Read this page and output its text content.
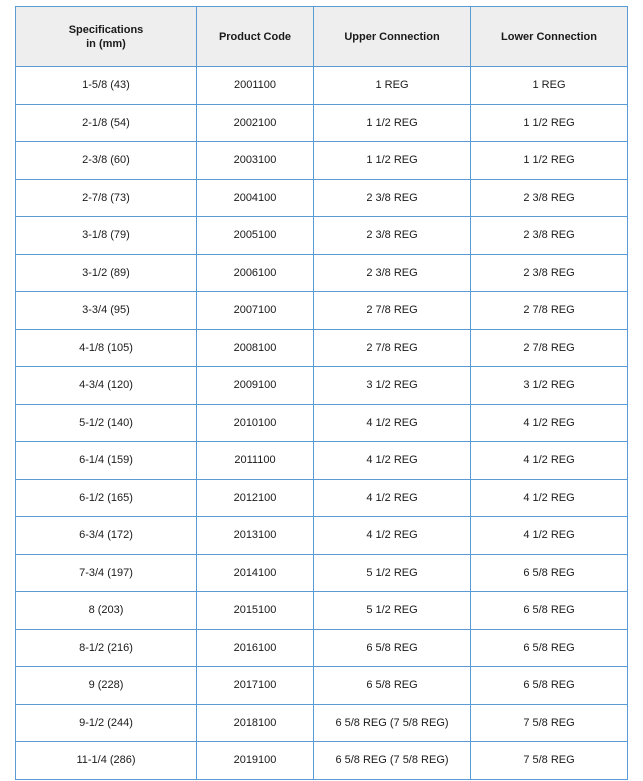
Specifications
in (mm)	Product Code	Upper Connection	Lower Connection

1-5/8 (43)	2001100	1 REG	1 REG
2-1/8 (54)	2002100	1 1/2 REG	1 1/2 REG
2-3/8 (60)	2003100	1 1/2 REG	1 1/2 REG
2-7/8 (73)	2004100	2 3/8 REG	2 3/8 REG
3-1/8 (79)	2005100	2 3/8 REG	2 3/8 REG
3-1/2 (89)	2006100	2 3/8 REG	2 3/8 REG
3-3/4 (95)	2007100	2 7/8 REG	2 7/8 REG
4-1/8 (105)	2008100	2 7/8 REG	2 7/8 REG
4-3/4 (120)	2009100	3 1/2 REG	3 1/2 REG
5-1/2 (140)	2010100	4 1/2 REG	4 1/2 REG
6-1/4 (159)	2011100	4 1/2 REG	4 1/2 REG
6-1/2 (165)	2012100	4 1/2 REG	4 1/2 REG
6-3/4 (172)	2013100	4 1/2 REG	4 1/2 REG
7-3/4 (197)	2014100	5 1/2 REG	6 5/8 REG
8 (203)	2015100	5 1/2 REG	6 5/8 REG
8-1/2 (216)	2016100	6 5/8 REG	6 5/8 REG
9 (228)	2017100	6 5/8 REG	6 5/8 REG
9-1/2 (244)	2018100	6 5/8 REG (7 5/8 REG)	7 5/8 REG
11-1/4 (286)	2019100	6 5/8 REG (7 5/8 REG)	7 5/8 REG
